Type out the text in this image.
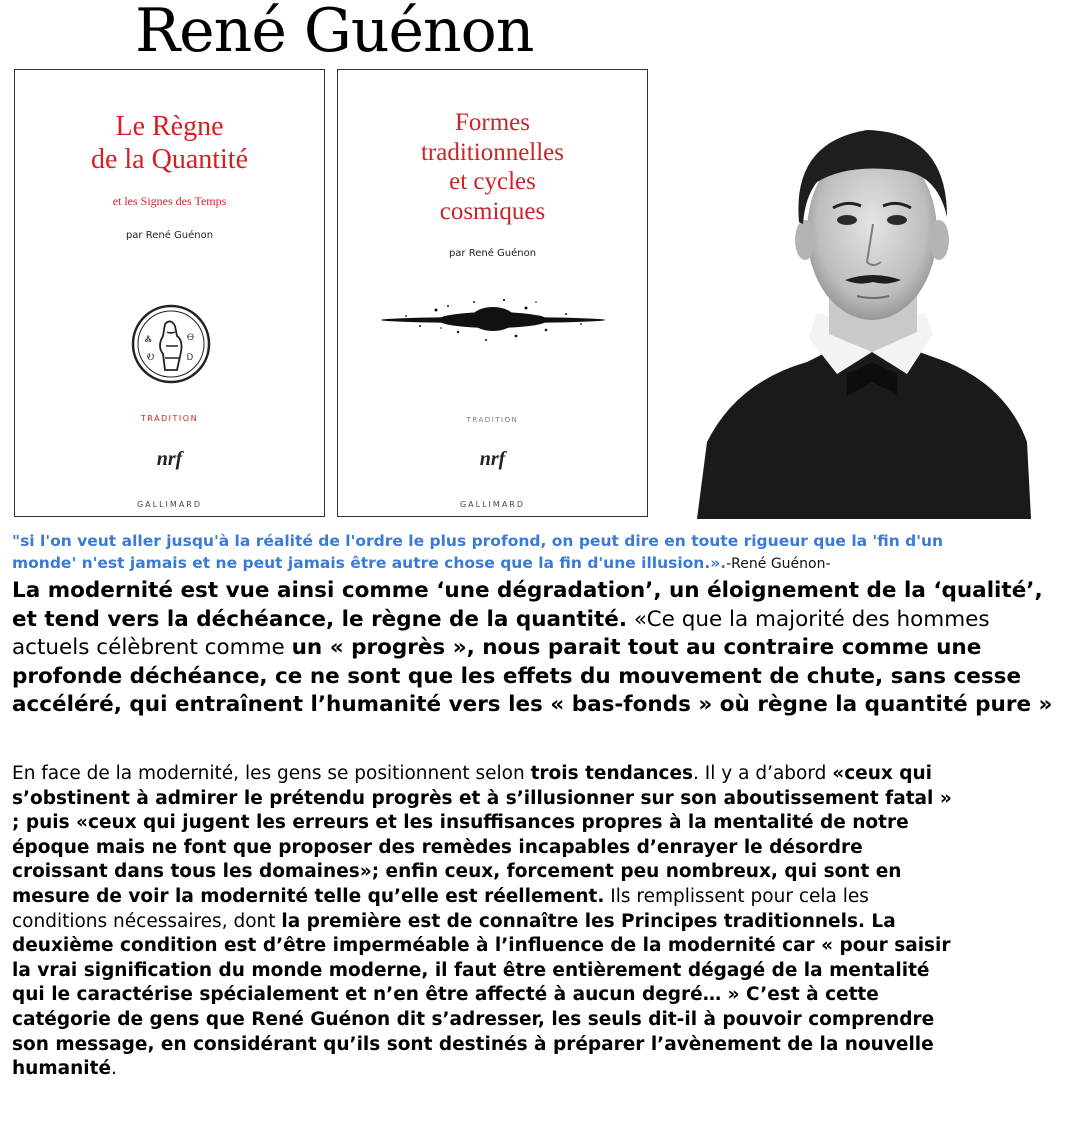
René Guénon
Le Règne
de la Quantité
et les Signes des Temps
par René Guénon
Ꮬ	Ꮎ
Ꭷ	Ꭰ
TRADITION
nrf
GALLIMARD
Formes
traditionnelles
et cycles
cosmiques
par René Guénon
TRADITION
nrf
GALLIMARD
"si l'on veut aller jusqu'à la réalité de l'ordre le plus profond, on peut dire en toute rigueur que la 'fin d'un monde' n'est jamais et ne peut jamais être autre chose que la fin d'une illusion.».-René Guénon-
La modernité est vue ainsi comme ‘une dégradation’, un éloignement de la ‘qualité’, et tend vers la déchéance, le règne de la quantité. «Ce que la majorité des hommes actuels célèbrent comme un « progrès », nous parait tout au contraire comme une profonde déchéance, ce ne sont que les effets du mouvement de chute, sans cesse accéléré, qui entraînent l’humanité vers les « bas-fonds » où règne la quantité pure »
En face de la modernité, les gens se positionnent selon trois tendances. Il y a d’abord «ceux qui s’obstinent à admirer le prétendu progrès et à s’illusionner sur son aboutissement fatal » ; puis «ceux qui jugent les erreurs et les insuffisances propres à la mentalité de notre époque mais ne font que proposer des remèdes incapables d’enrayer le désordre croissant dans tous les domaines»; enfin ceux, forcement peu nombreux, qui sont en mesure de voir la modernité telle qu’elle est réellement. Ils remplissent pour cela les conditions nécessaires, dont la première est de connaître les Principes traditionnels. La deuxième condition est d’être imperméable à l’influence de la modernité car « pour saisir la vrai signification du monde moderne, il faut être entièrement dégagé de la mentalité qui le caractérise spécialement et n’en être affecté à aucun degré… » C’est à cette catégorie de gens que René Guénon dit s’adresser, les seuls dit-il à pouvoir comprendre son message, en considérant qu’ils sont destinés à préparer l’avènement de la nouvelle humanité.
